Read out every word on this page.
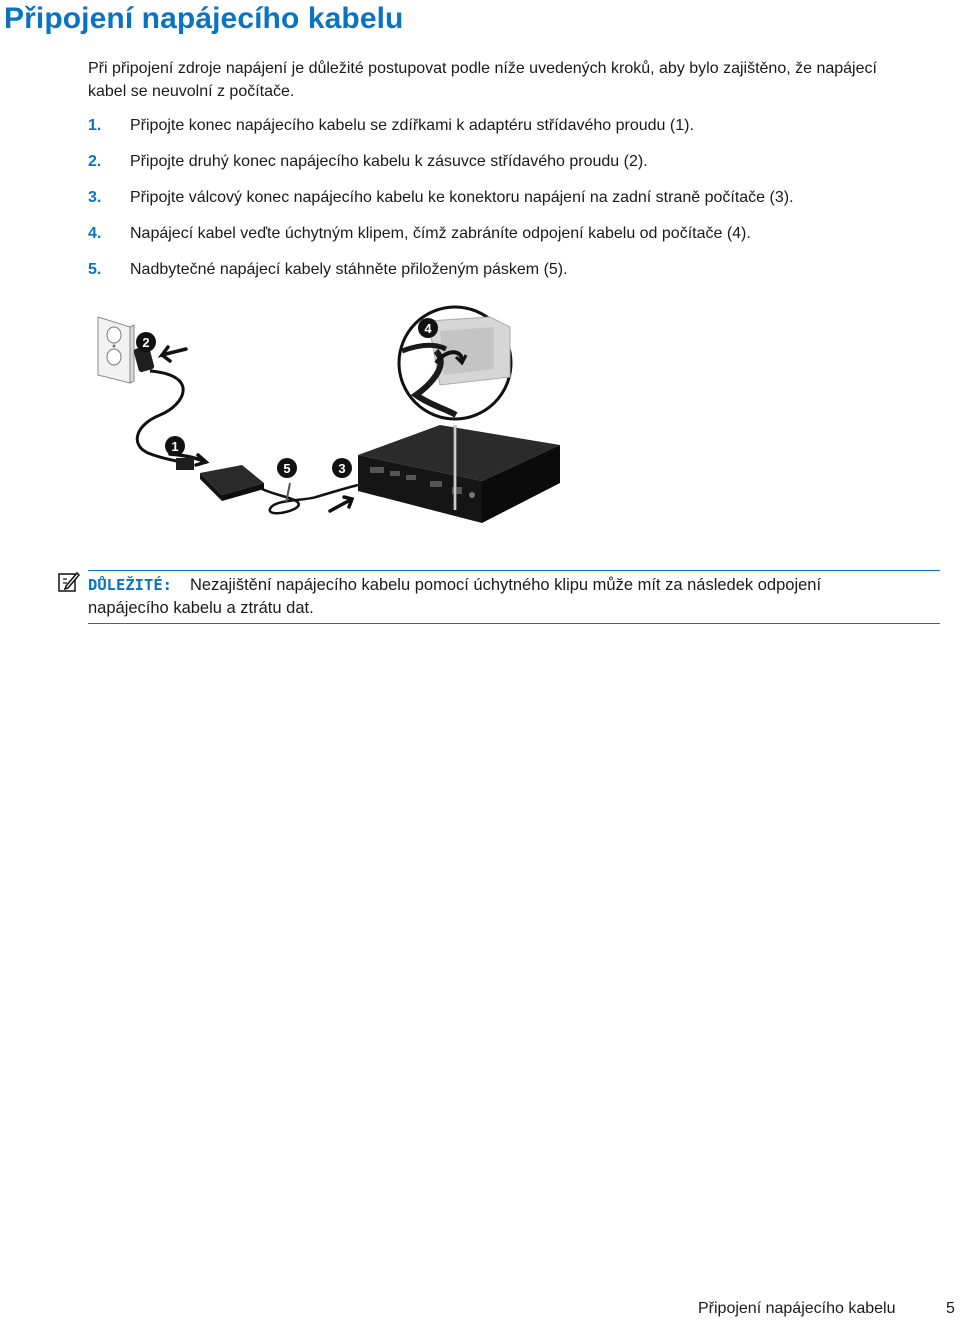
Připojení napájecího kabelu

Při připojení zdroje napájení je důležité postupovat podle níže uvedených kroků, aby bylo zajištěno, že napájecí kabel se neuvolní z počítače.

1. Připojte konec napájecího kabelu se zdířkami k adaptéru střídavého proudu (1).
2. Připojte druhý konec napájecího kabelu k zásuvce střídavého proudu (2).
3. Připojte válcový konec napájecího kabelu ke konektoru napájení na zadní straně počítače (3).
4. Napájecí kabel veďte úchytným klipem, čímž zabráníte odpojení kabelu od počítače (4).
5. Nadbytečné napájecí kabely stáhněte přiloženým páskem (5).
1
2
3
4
5
DŮLEŽITÉ: Nezajištění napájecího kabelu pomocí úchytného klipu může mít za následek odpojení napájecího kabelu a ztrátu dat.
Připojení napájecího kabelu	5
